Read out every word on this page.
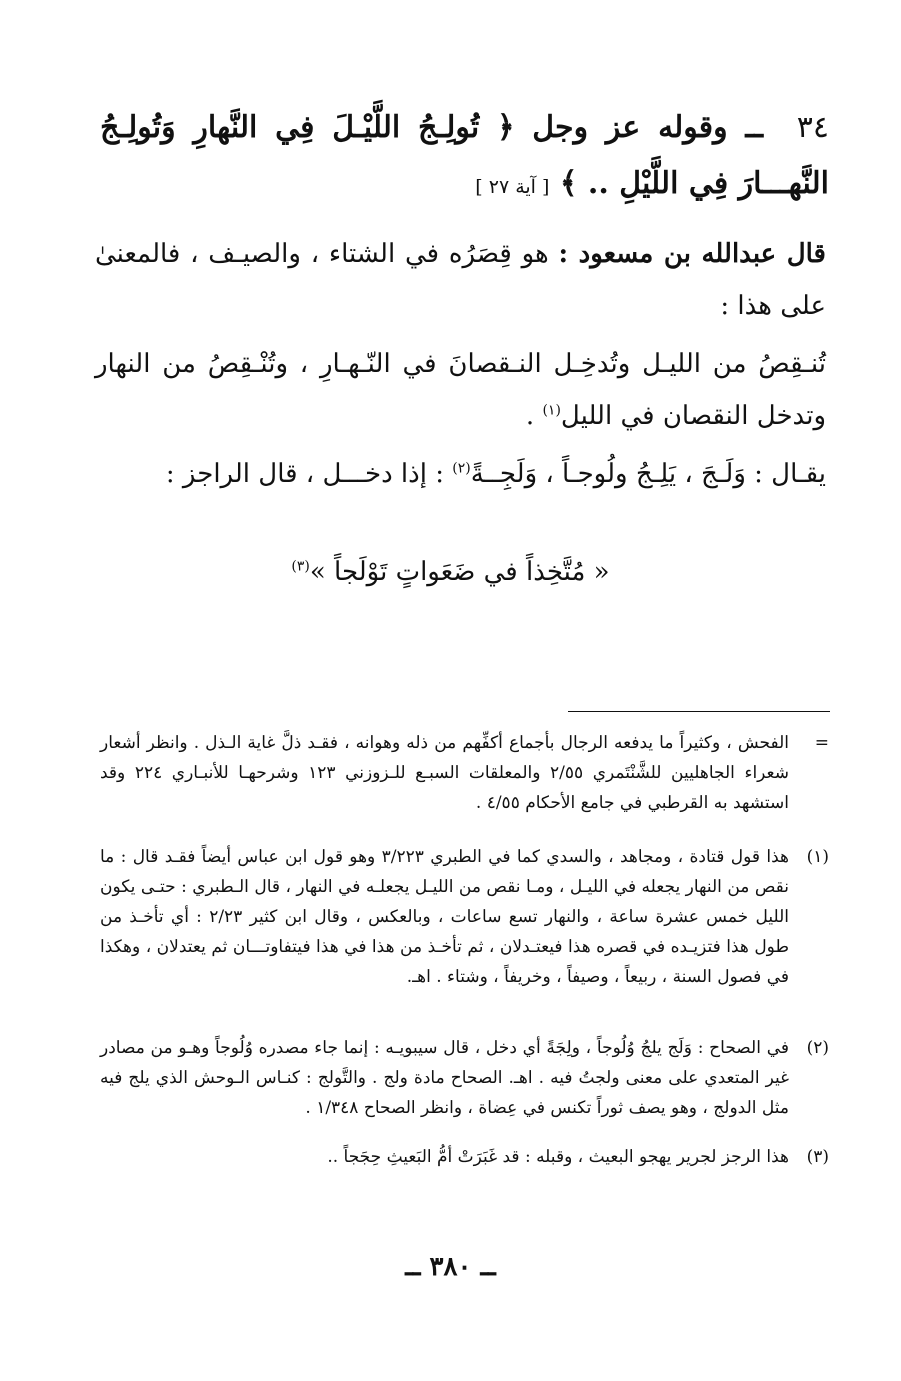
٣٤ ــ وقوله عز وجل ﴿ تُولِـجُ اللَّيْـلَ فِي النَّهارِ وَتُولِـجُ النَّهـــارَ فِي اللَّيْلِ .. ﴾ [ آية ٢٧ ]
قال عبدالله بن مسعود : هو قِصَرُه في الشتاء ، والصيـف ، فالمعنىٰ على هذا :
تُنـقِصُ من الليـل وتُدخِـل النـقصانَ في النّـهـارِ ، وتُنْـقِصُ من النهار وتدخل النقصان في الليل$^{(١)}$ .
يقـال : وَلَـجَ ، يَلِـجُ ولُوجـاً ، وَلَجِــةً$^{(٢)}$ : إذا دخـــل ، قال الراجز :
« مُتَّخِذاً في ضَعَواتٍ تَوْلَجاً »$^{(٣)}$
=
الفحش ، وكثيراً ما يدفعه الرجال بأجماع أكفِّهم من ذله وهوانه ، فقـد ذلَّ غاية الـذل . وانظر أشعار شعراء الجاهليين للشَّنْتَمري ٢/٥٥ والمعلقات السبـع للـزوزني ١٢٣ وشرحهـا للأنبـاري ٢٢٤ وقد استشهد به القرطبي في جامع الأحكام ٤/٥٥ .
(١)
هذا قول قتادة ، ومجاهد ، والسدي كما في الطبري ٣/٢٢٣ وهو قول ابن عباس أيضاً فقـد قال : ما نقص من النهار يجعله في الليـل ، ومـا نقص من الليـل يجعلـه في النهار ، قال الـطبري : حتـى يكون الليل خمس عشرة ساعة ، والنهار تسع ساعات ، وبالعكس ، وقال ابن كثير ٢/٢٣ : أي تأخـذ من طول هذا فتزيـده في قصره هذا فيعتـدلان ، ثم تأخـذ من هذا في هذا فيتفاوتـــان ثم يعتدلان ، وهكذا في فصول السنة ، ربيعاً ، وصيفاً ، وخريفاً ، وشتاء . اهـ.
(٢)
في الصحاح : وَلَج يلجُ وُلُوجاً ، ولِجَةً أي دخل ، قال سيبويـه : إنما جاء مصدره وُلُوجاً وهـو من مصادر غير المتعدي على معنى ولجتُ فيه . اهـ. الصحاح مادة ولج . والتَّولج : كنـاس الـوحش الذي يلج فيه مثل الدولج ، وهو يصف ثوراً تكنس في عِضاة ، وانظر الصحاح ١/٣٤٨ .
(٣)
هذا الرجز لجرير يهجو البعيث ، وقبله : قد غَبَرَتْ أمُّ البَعيثِ حِجَجاً ..
ــ ٣٨٠ ــ
